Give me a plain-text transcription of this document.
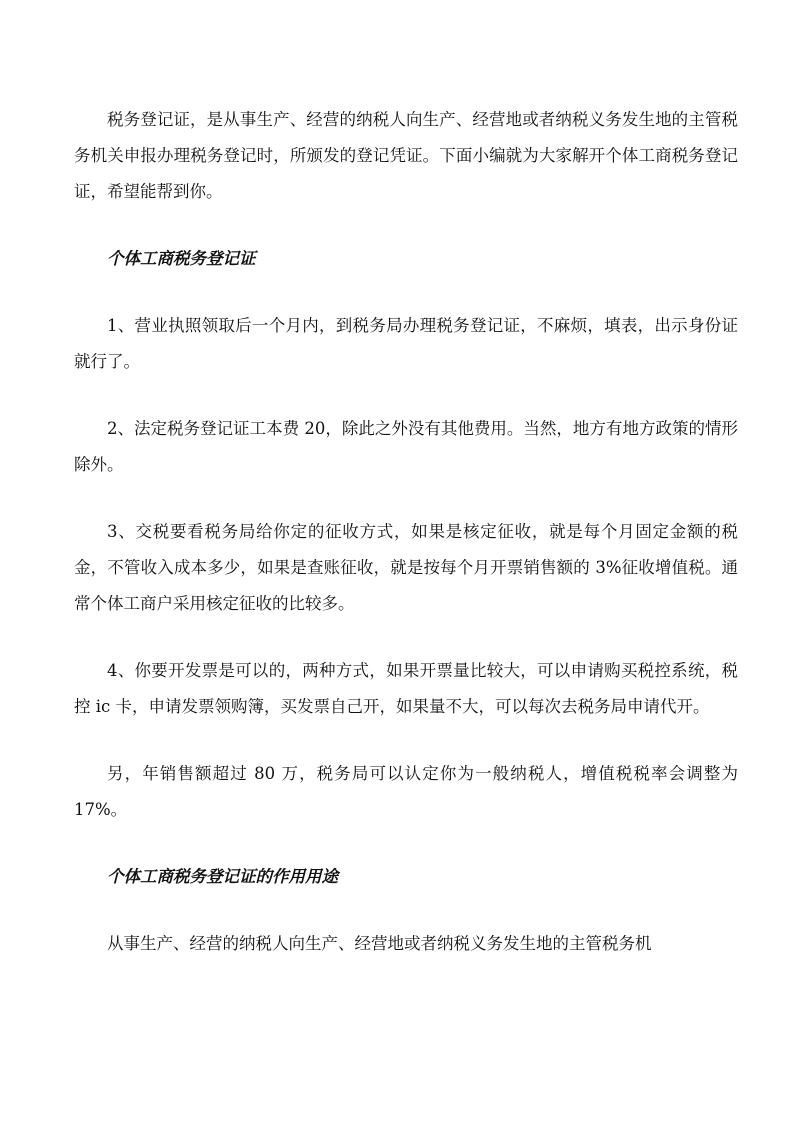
税务登记证，是从事生产、经营的纳税人向生产、经营地或者纳税义务发生地的主管税务机关申报办理税务登记时，所颁发的登记凭证。下面小编就为大家解开个体工商税务登记证，希望能帮到你。

个体工商税务登记证

1、营业执照领取后一个月内，到税务局办理税务登记证，不麻烦，填表，出示身份证就行了。

2、法定税务登记证工本费 20，除此之外没有其他费用。当然，地方有地方政策的情形除外。

3、交税要看税务局给你定的征收方式，如果是核定征收，就是每个月固定金额的税金，不管收入成本多少，如果是查账征收，就是按每个月开票销售额的 3%征收增值税。通常个体工商户采用核定征收的比较多。

4、你要开发票是可以的，两种方式，如果开票量比较大，可以申请购买税控系统，税控 ic 卡，申请发票领购簿，买发票自己开，如果量不大，可以每次去税务局申请代开。

另，年销售额超过 80 万，税务局可以认定你为一般纳税人，增值税税率会调整为 17%。

个体工商税务登记证的作用用途

从事生产、经营的纳税人向生产、经营地或者纳税义务发生地的主管税务机
